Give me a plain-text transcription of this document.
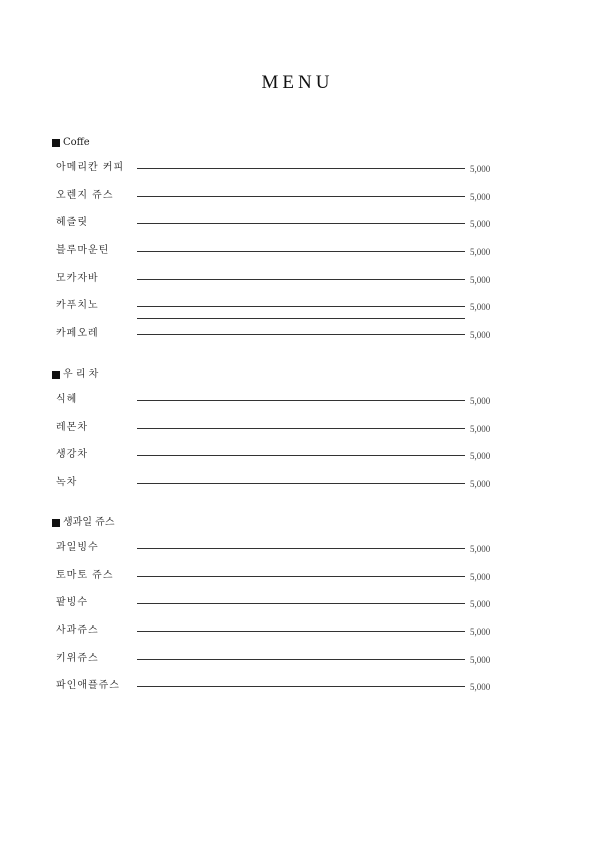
MENU
Coffe
아메리칸 커피	5,000
오렌지 쥬스	5,000
헤즐릿	5,000
블루마운틴	5,000
모카자바	5,000
카푸치노	5,000
카페오레	5,000
우 리 차
식혜	5,000
레몬차	5,000
생강차	5,000
녹차	5,000
생과일 쥬스
과일빙수	5,000
토마토 쥬스	5,000
팥빙수	5,000
사과쥬스	5,000
키위쥬스	5,000
파인애플쥬스	5,000
